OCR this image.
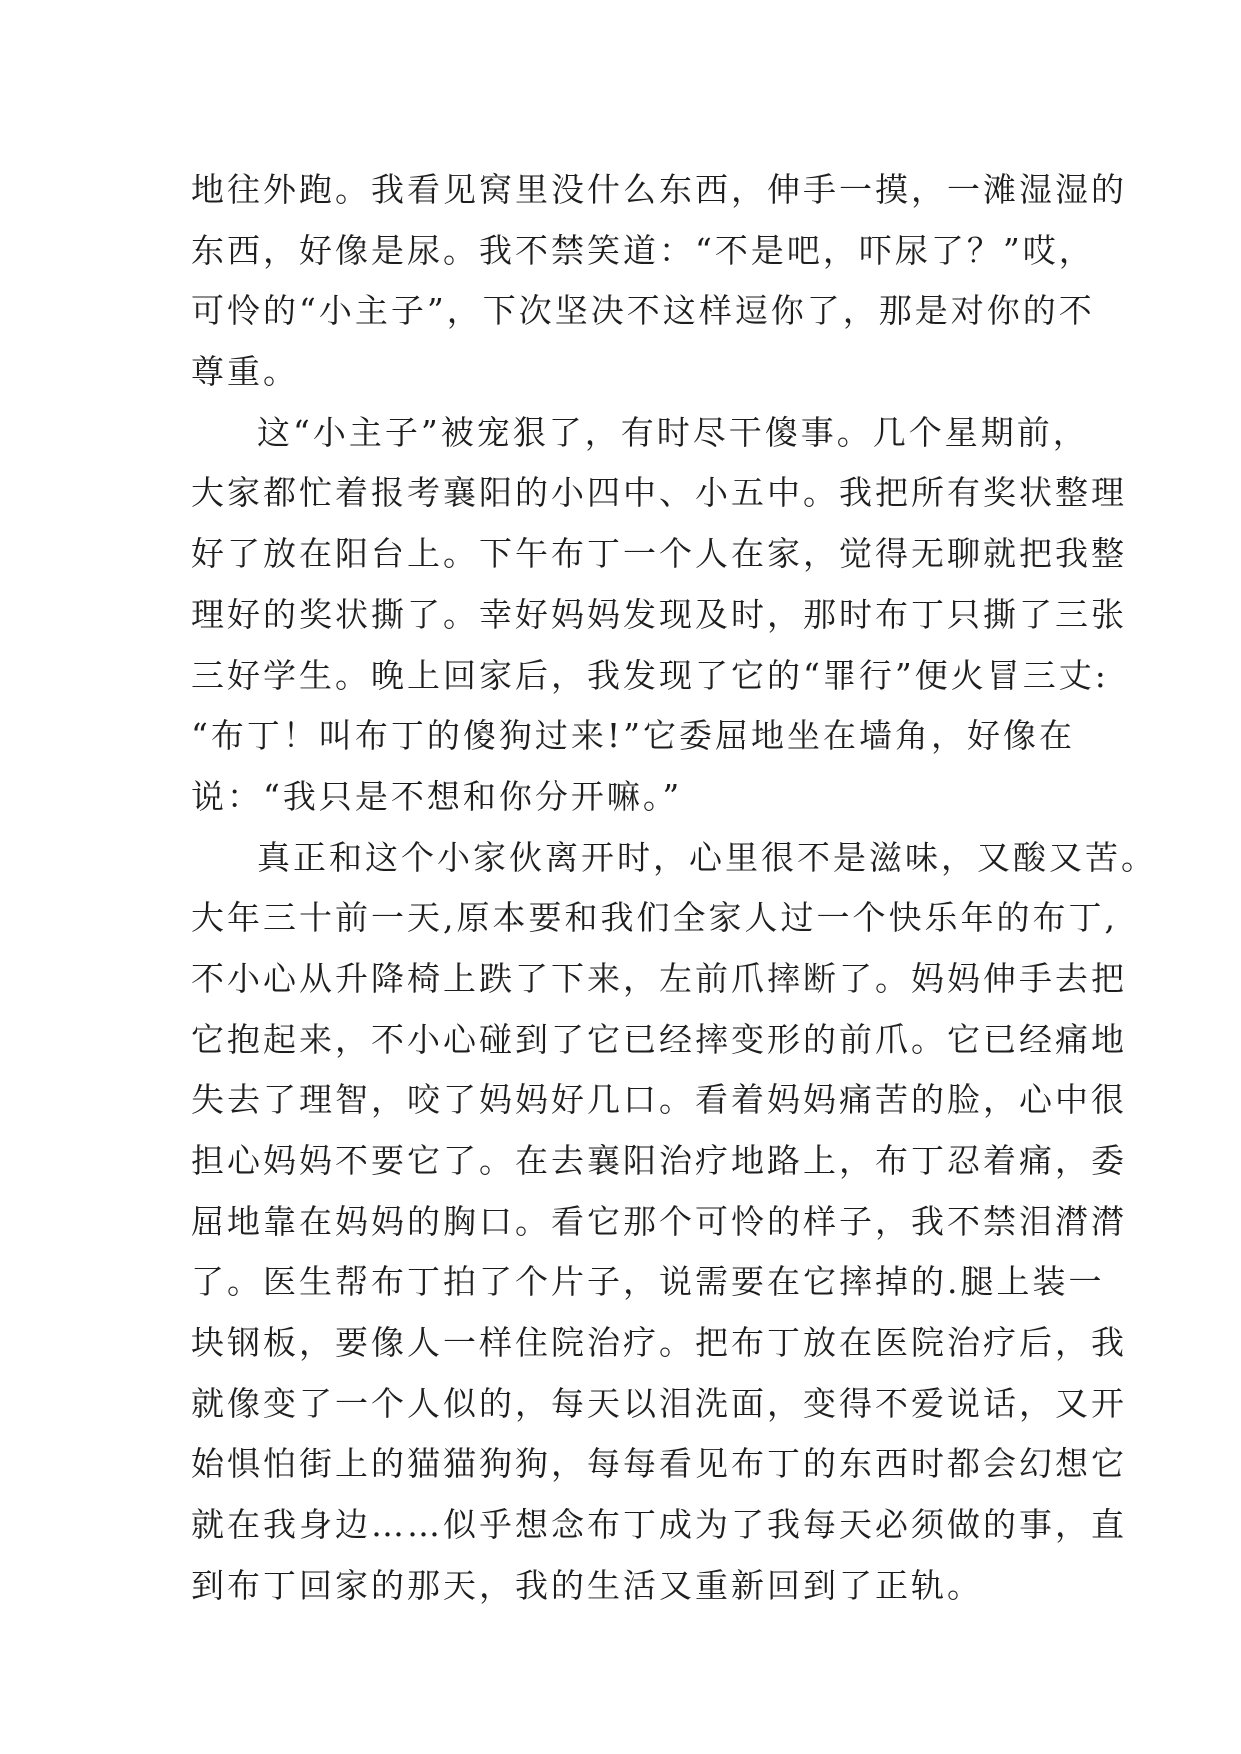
地往外跑。我看见窝里没什么东西，伸手一摸，一滩湿湿的
东西，好像是尿。我不禁笑道：“不是吧，吓尿了？”哎，
可怜的“小主子”，下次坚决不这样逗你了，那是对你的不
尊重。
这“小主子”被宠狠了，有时尽干傻事。几个星期前，
大家都忙着报考襄阳的小四中、小五中。我把所有奖状整理
好了放在阳台上。下午布丁一个人在家，觉得无聊就把我整
理好的奖状撕了。幸好妈妈发现及时，那时布丁只撕了三张
三好学生。晚上回家后，我发现了它的“罪行”便火冒三丈:
“布丁！叫布丁的傻狗过来!”它委屈地坐在墙角，好像在
说：“我只是不想和你分开嘛。”
真正和这个小家伙离开时，心里很不是滋味，又酸又苦。
大年三十前一天,原本要和我们全家人过一个快乐年的布丁,
不小心从升降椅上跌了下来，左前爪摔断了。妈妈伸手去把
它抱起来，不小心碰到了它已经摔变形的前爪。它已经痛地
失去了理智，咬了妈妈好几口。看着妈妈痛苦的脸，心中很
担心妈妈不要它了。在去襄阳治疗地路上，布丁忍着痛，委
屈地靠在妈妈的胸口。看它那个可怜的样子，我不禁泪潸潸
了。医生帮布丁拍了个片子，说需要在它摔掉的.腿上装一
块钢板，要像人一样住院治疗。把布丁放在医院治疗后，我
就像变了一个人似的，每天以泪洗面，变得不爱说话，又开
始惧怕街上的猫猫狗狗，每每看见布丁的东西时都会幻想它
就在我身边……似乎想念布丁成为了我每天必须做的事，直
到布丁回家的那天，我的生活又重新回到了正轨。
